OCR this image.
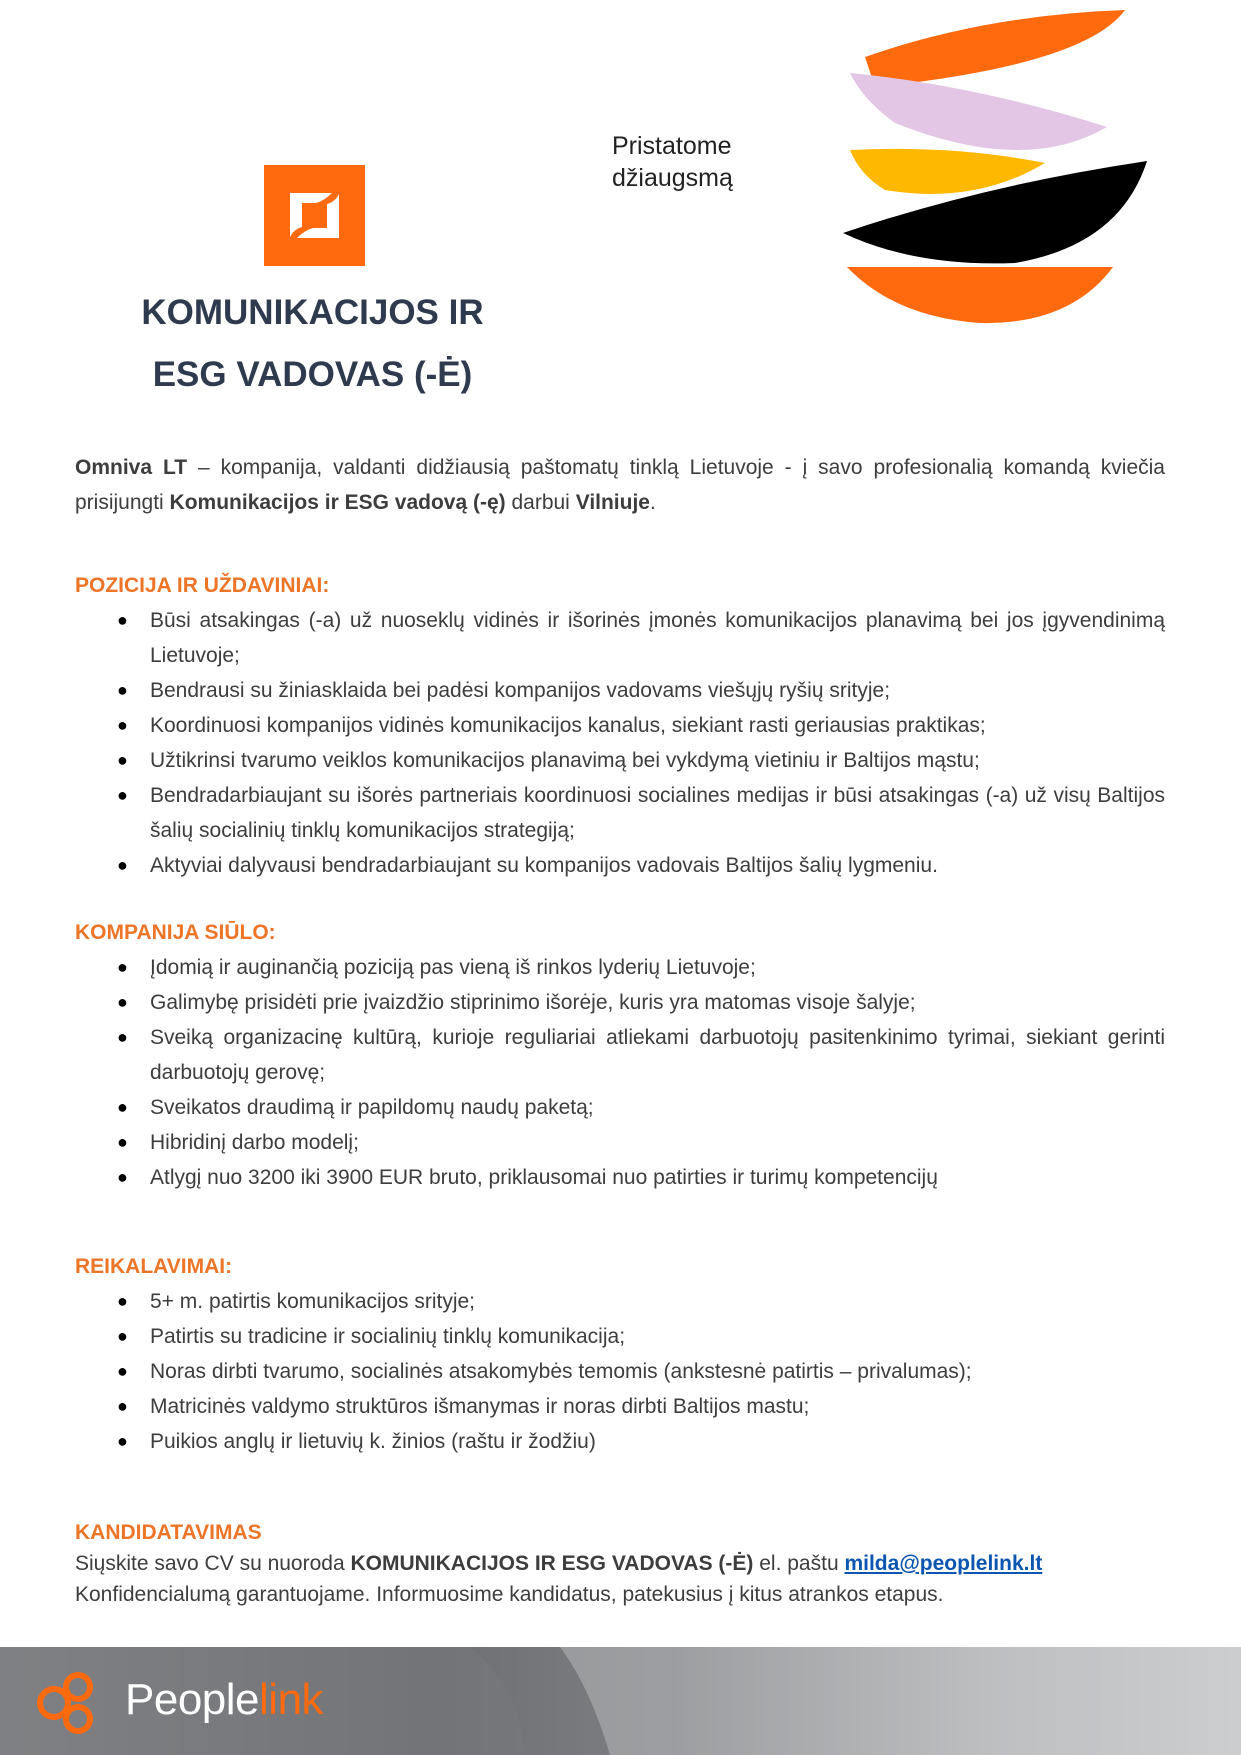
KOMUNIKACIJOS IR
ESG VADOVAS (-Ė)
Pristatome
džiaugsmą

Omniva LT – kompanija, valdanti didžiausią paštomatų tinklą Lietuvoje - į savo profesionalią komandą kviečia prisijungti Komunikacijos ir ESG vadovą (-ę) darbui Vilniuje.

POZICIJA IR UŽDAVINIAI:

● Būsi atsakingas (-a) už nuoseklų vidinės ir išorinės įmonės komunikacijos planavimą bei jos įgyvendinimą Lietuvoje;
● Bendrausi su žiniasklaida bei padėsi kompanijos vadovams viešųjų ryšių srityje;
● Koordinuosi kompanijos vidinės komunikacijos kanalus, siekiant rasti geriausias praktikas;
● Užtikrinsi tvarumo veiklos komunikacijos planavimą bei vykdymą vietiniu ir Baltijos mąstu;
● Bendradarbiaujant su išorės partneriais koordinuosi socialines medijas ir būsi atsakingas (-a) už visų Baltijos šalių socialinių tinklų komunikacijos strategiją;
● Aktyviai dalyvausi bendradarbiaujant su kompanijos vadovais Baltijos šalių lygmeniu.

KOMPANIJA SIŪLO:

● Įdomią ir auginančią poziciją pas vieną iš rinkos lyderių Lietuvoje;
● Galimybę prisidėti prie įvaizdžio stiprinimo išorėje, kuris yra matomas visoje šalyje;
● Sveiką organizacinę kultūrą, kurioje reguliariai atliekami darbuotojų pasitenkinimo tyrimai, siekiant gerinti darbuotojų gerovę;
● Sveikatos draudimą ir papildomų naudų paketą;
● Hibridinį darbo modelį;
● Atlygį nuo 3200 iki 3900 EUR bruto, priklausomai nuo patirties ir turimų kompetencijų

REIKALAVIMAI:

● 5+ m. patirtis komunikacijos srityje;
● Patirtis su tradicine ir socialinių tinklų komunikacija;
● Noras dirbti tvarumo, socialinės atsakomybės temomis (ankstesnė patirtis – privalumas);
● Matricinės valdymo struktūros išmanymas ir noras dirbti Baltijos mastu;
● Puikios anglų ir lietuvių k. žinios (raštu ir žodžiu)

KANDIDATAVIMAS

Siųskite savo CV su nuoroda KOMUNIKACIJOS IR ESG VADOVAS (-Ė) el. paštu milda@peoplelink.lt

Konfidencialumą garantuojame. Informuosime kandidatus, patekusius į kitus atrankos etapus.

Peoplelink
